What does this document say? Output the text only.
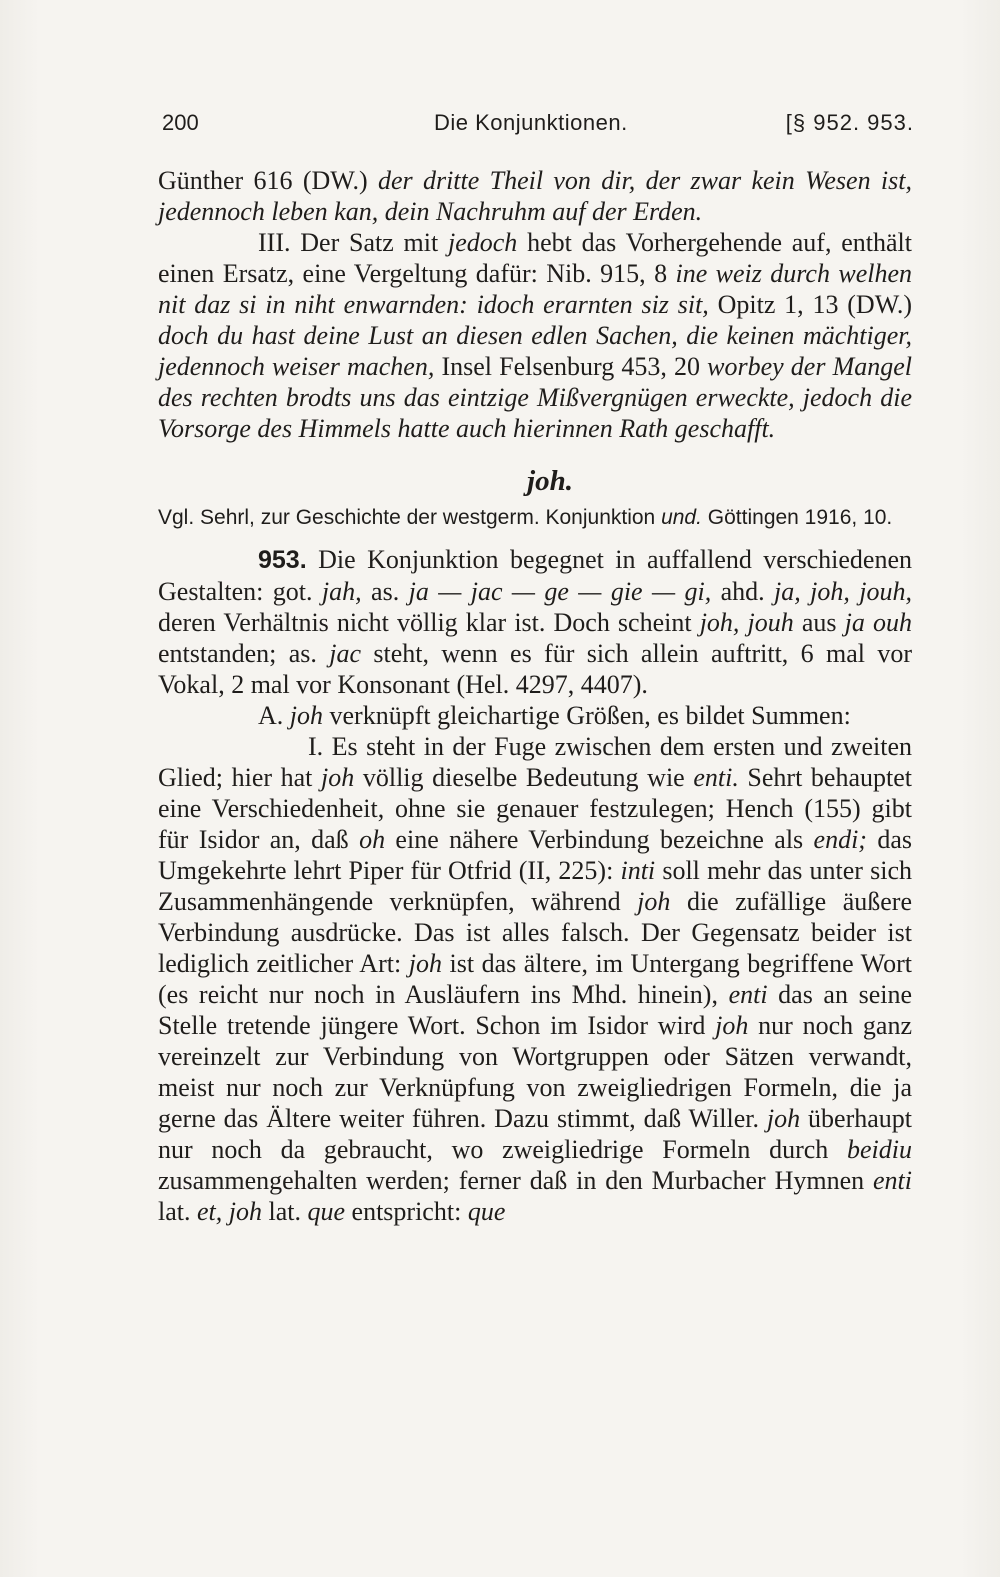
200	Die Konjunktionen.	[§ 952. 953.

Günther 616 (DW.) der dritte Theil von dir, der zwar kein Wesen ist, jedennoch leben kan, dein Nachruhm auf der Erden.

III. Der Satz mit jedoch hebt das Vorhergehende auf, enthält einen Ersatz, eine Vergeltung dafür: Nib. 915, 8 ine weiz durch welhen nit daz si in niht enwarnden: idoch erarnten siz sit, Opitz 1, 13 (DW.) doch du hast deine Lust an diesen edlen Sachen, die keinen mächtiger, jedennoch weiser machen, Insel Felsenburg 453, 20 worbey der Mangel des rechten brodts uns das eintzige Mißvergnügen erweckte, jedoch die Vorsorge des Himmels hatte auch hierinnen Rath geschafft.

joh.

Vgl. Sehrl, zur Geschichte der westgerm. Konjunktion und. Göttingen 1916, 10.

953. Die Konjunktion begegnet in auffallend verschiedenen Gestalten: got. jah, as. ja — jac — ge — gie — gi, ahd. ja, joh, jouh, deren Verhältnis nicht völlig klar ist. Doch scheint joh, jouh aus ja ouh entstanden; as. jac steht, wenn es für sich allein auftritt, 6 mal vor Vokal, 2 mal vor Konsonant (Hel. 4297, 4407).

A. joh verknüpft gleichartige Größen, es bildet Summen:

I. Es steht in der Fuge zwischen dem ersten und zweiten Glied; hier hat joh völlig dieselbe Bedeutung wie enti. Sehrt behauptet eine Verschiedenheit, ohne sie genauer festzulegen; Hench (155) gibt für Isidor an, daß oh eine nähere Verbindung bezeichne als endi; das Umgekehrte lehrt Piper für Otfrid (II, 225): inti soll mehr das unter sich Zusammenhängende verknüpfen, während joh die zufällige äußere Verbindung ausdrücke. Das ist alles falsch. Der Gegensatz beider ist lediglich zeitlicher Art: joh ist das ältere, im Untergang begriffene Wort (es reicht nur noch in Ausläufern ins Mhd. hinein), enti das an seine Stelle tretende jüngere Wort. Schon im Isidor wird joh nur noch ganz vereinzelt zur Verbindung von Wortgruppen oder Sätzen verwandt, meist nur noch zur Verknüpfung von zweigliedrigen Formeln, die ja gerne das Ältere weiter führen. Dazu stimmt, daß Willer. joh überhaupt nur noch da gebraucht, wo zweigliedrige Formeln durch beidiu zusammengehalten werden; ferner daß in den Murbacher Hymnen enti lat. et, joh lat. que entspricht: que
